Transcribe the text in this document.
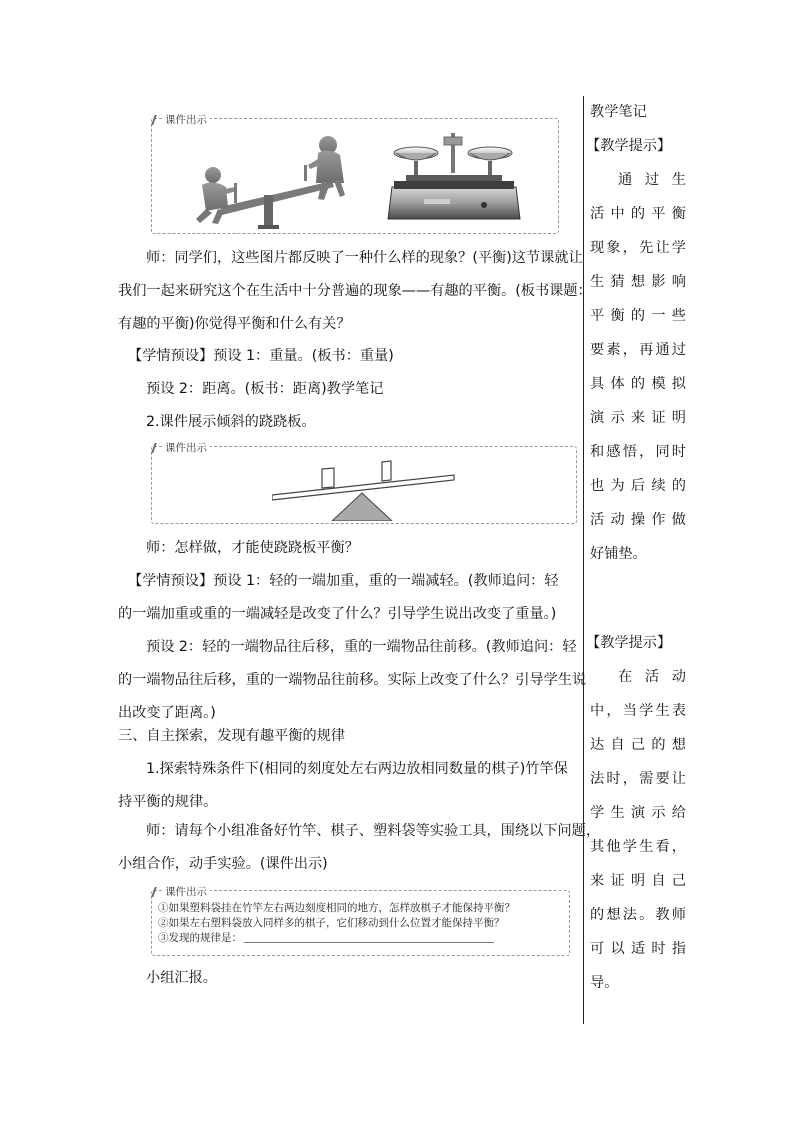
课件出示
师：同学们，这些图片都反映了一种什么样的现象？(平衡)这节课就让
我们一起来研究这个在生活中十分普遍的现象——有趣的平衡。(板书课题：
有趣的平衡)你觉得平衡和什么有关？
【学情预设】预设 1：重量。(板书：重量)
预设 2：距离。(板书：距离)教学笔记
2.课件展示倾斜的跷跷板。
课件出示
师：怎样做，才能使跷跷板平衡？
【学情预设】预设 1：轻的一端加重，重的一端减轻。(教师追问：轻
的一端加重或重的一端减轻是改变了什么？引导学生说出改变了重量。)
预设 2：轻的一端物品往后移，重的一端物品往前移。(教师追问：轻
的一端物品往后移，重的一端物品往前移。实际上改变了什么？引导学生说
出改变了距离。)
三、自主探索，发现有趣平衡的规律
1.探索特殊条件下(相同的刻度处左右两边放相同数量的棋子)竹竿保
持平衡的规律。
师：请每个小组准备好竹竿、棋子、塑料袋等实验工具，围绕以下问题，
小组合作，动手实验。(课件出示)
课件出示
①如果塑料袋挂在竹竿左右两边刻度相同的地方，怎样放棋子才能保持平衡？
②如果左右塑料袋放入同样多的棋子，它们移动到什么位置才能保持平衡？
③发现的规律是：
小组汇报。
教学笔记
【教学提示】
通 过 生
活中的平衡
现象，先让学
生猜想影响
平衡的一些
要素，再通过
具体的模拟
演示来证明
和感悟，同时
也为后续的
活动操作做
好铺垫。
【教学提示】
在 活 动
中，当学生表
达自己的想
法时，需要让
学生演示给
其他学生看，
来证明自己
的想法。教师
可以适时指
导。
